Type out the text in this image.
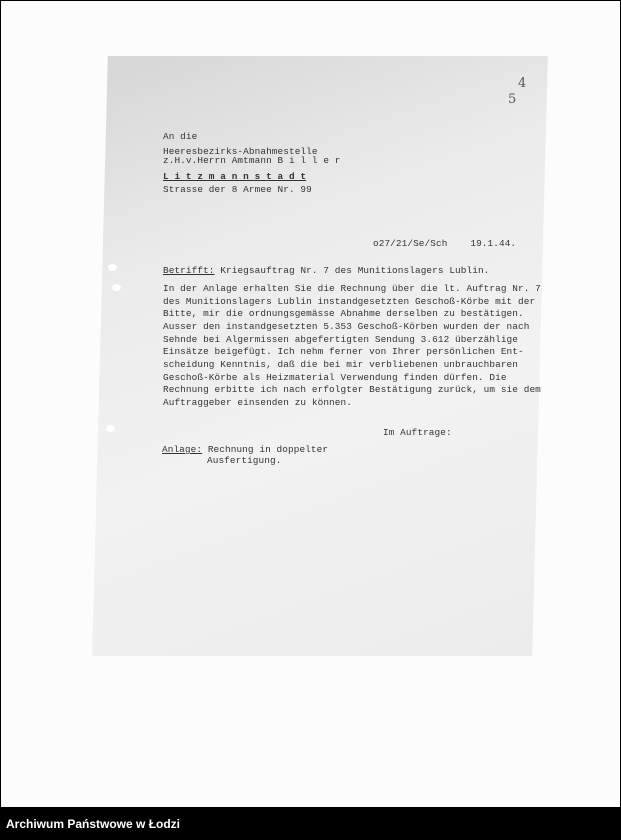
4
5
An die
Heeresbezirks-Abnahmestelle
z.H.v.Herrn Amtmann B i l l e r
L i t z m a n n s t a d t
Strasse der 8 Armee Nr. 99
o27/21/Se/Sch    19.1.44.
Betrifft: Kriegsauftrag Nr. 7 des Munitionslagers Lublin.
In der Anlage erhalten Sie die Rechnung über die lt. Auftrag Nr. 7
des Munitionslagers Lublin instandgesetzten Geschoß-Körbe mit der
Bitte, mir die ordnungsgemässe Abnahme derselben zu bestätigen.
Ausser den instandgesetzten 5.353 Geschoß-Körben wurden der nach
Sehnde bei Algermissen abgefertigten Sendung 3.612 überzählige
Einsätze beigefügt. Ich nehm ferner von Ihrer persönlichen Ent-
scheidung Kenntnis, daß die bei mir verbliebenen unbrauchbaren
Geschoß-Körbe als Heizmaterial Verwendung finden dürfen. Die
Rechnung erbitte ich nach erfolgter Bestätigung zurück, um sie dem
Auftraggeber einsenden zu können.
Im Auftrage:
Anlage: Rechnung in doppelter
Ausfertigung.
Archiwum Państwowe w Łodzi
